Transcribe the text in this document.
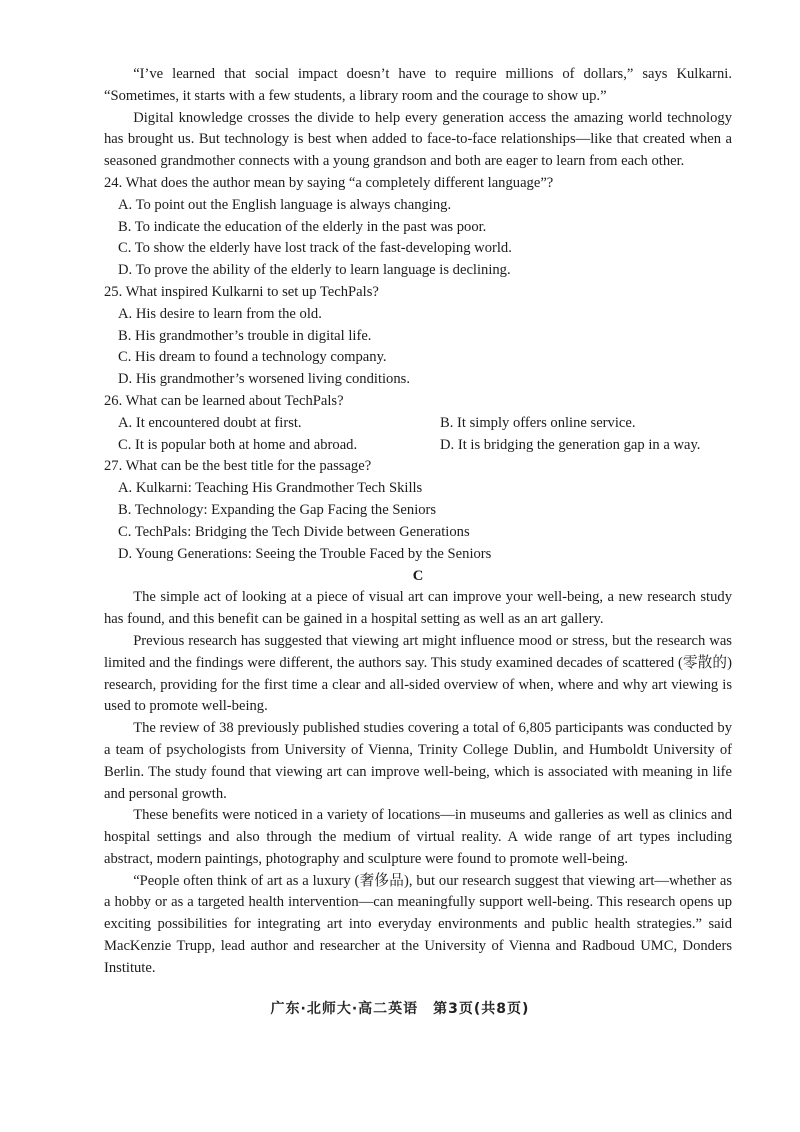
“I’ve learned that social impact doesn’t have to require millions of dollars,” says Kulkarni. “Sometimes, it starts with a few students, a library room and the courage to show up.”

Digital knowledge crosses the divide to help every generation access the amazing world technology has brought us. But technology is best when added to face-to-face relationships—like that created when a seasoned grandmother connects with a young grandson and both are eager to learn from each other.

24. What does the author mean by saying “a completely different language”?

A. To point out the English language is always changing.

B. To indicate the education of the elderly in the past was poor.

C. To show the elderly have lost track of the fast-developing world.

D. To prove the ability of the elderly to learn language is declining.

25. What inspired Kulkarni to set up TechPals?

A. His desire to learn from the old.

B. His grandmother’s trouble in digital life.

C. His dream to found a technology company.

D. His grandmother’s worsened living conditions.

26. What can be learned about TechPals?

A. It encountered doubt at first.	B. It simply offers online service.
C. It is popular both at home and abroad.	D. It is bridging the generation gap in a way.

27. What can be the best title for the passage?

A. Kulkarni: Teaching His Grandmother Tech Skills

B. Technology: Expanding the Gap Facing the Seniors

C. TechPals: Bridging the Tech Divide between Generations

D. Young Generations: Seeing the Trouble Faced by the Seniors

C

The simple act of looking at a piece of visual art can improve your well-being, a new research study has found, and this benefit can be gained in a hospital setting as well as an art gallery.

Previous research has suggested that viewing art might influence mood or stress, but the research was limited and the findings were different, the authors say. This study examined decades of scattered (零散的) research, providing for the first time a clear and all-sided overview of when, where and why art viewing is used to promote well-being.

The review of 38 previously published studies covering a total of 6,805 participants was conducted by a team of psychologists from University of Vienna, Trinity College Dublin, and Humboldt University of Berlin. The study found that viewing art can improve well-being, which is associated with meaning in life and personal growth.

These benefits were noticed in a variety of locations—in museums and galleries as well as clinics and hospital settings and also through the medium of virtual reality. A wide range of art types including abstract, modern paintings, photography and sculpture were found to promote well-being.

“People often think of art as a luxury (奢侈品), but our research suggest that viewing art—whether as a hobby or as a targeted health intervention—can meaningfully support well-being. This research opens up exciting possibilities for integrating art into everyday environments and public health strategies.” said MacKenzie Trupp, lead author and researcher at the University of Vienna and Radboud UMC, Donders Institute.

广东·北师大·高二英语　第3页(共8页)
